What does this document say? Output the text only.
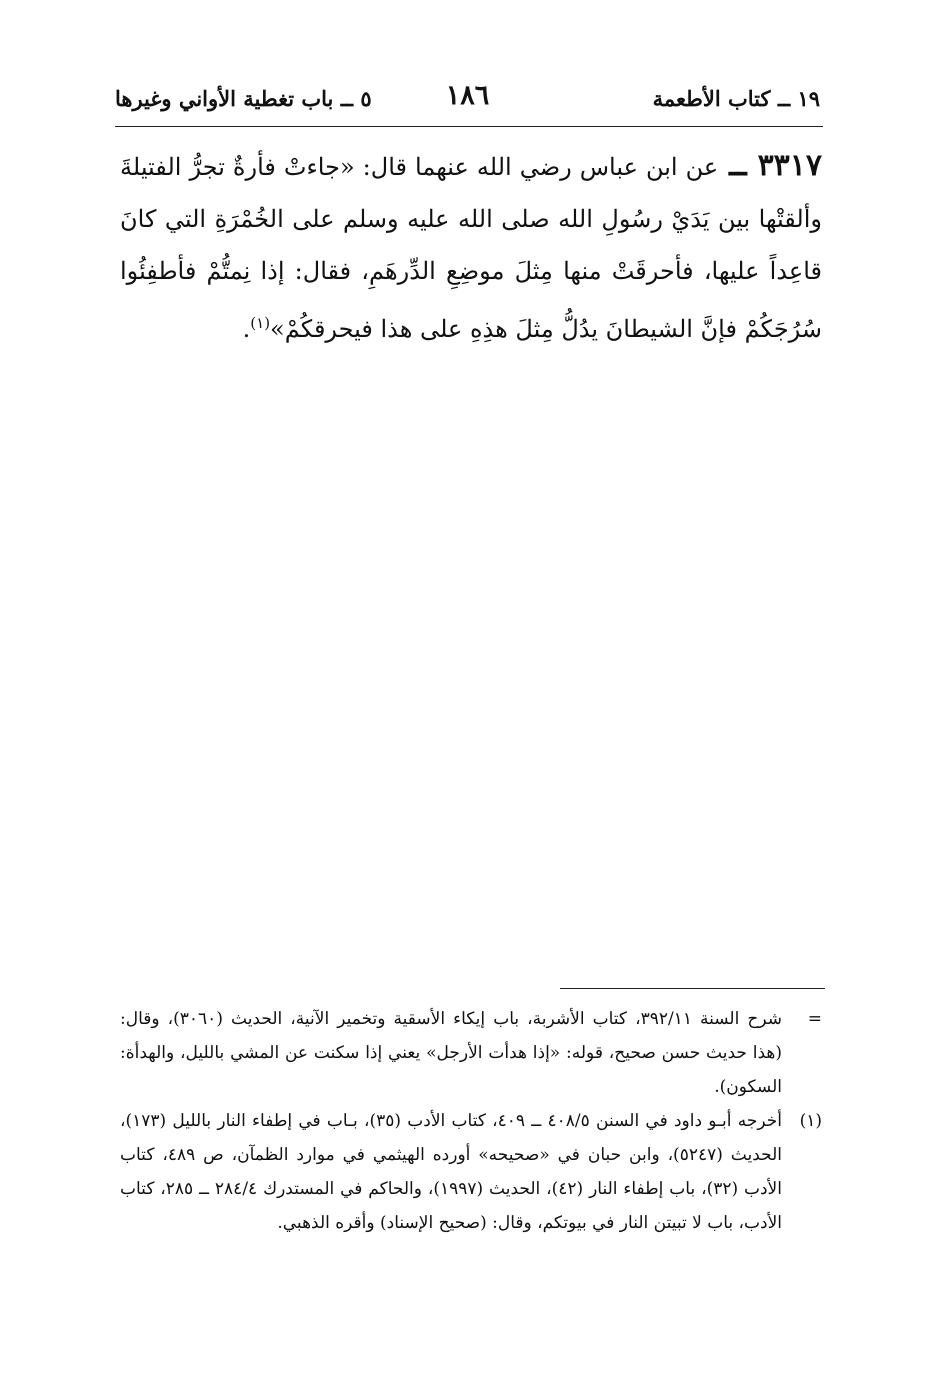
١٩ ــ كتاب الأطعمة
١٨٦
٥ ــ باب تغطية الأواني وغيرها
٣٣١٧ ــ عن ابن عباس رضي الله عنهما قال: «جاءتْ فأرةٌ تجرُّ الفتيلةَ وألقتْها بين يَدَيْ رسُولِ الله صلى الله عليه وسلم على الخُمْرَةِ التي كانَ قاعِداً عليها، فأحرقَتْ منها مِثلَ موضِعِ الدِّرهَمِ، فقال: إذا نِمتُّمْ فأطفِئُوا سُرُجَكُمْ فإنَّ الشيطانَ يدُلُّ مِثلَ هذِهِ على هذا فيحرقكُمْ»$^{(١)}$.

=
شرح السنة ٣٩٢/١١، كتاب الأشربة، باب إيكاء الأسقية وتخمير الآنية، الحديث (٣٠٦٠)، وقال: (هذا حديث حسن صحيح، قوله: «إذا هدأت الأرجل» يعني إذا سكنت عن المشي بالليل، والهدأة: السكون).

(١)
أخرجه أبـو داود في السنن ٤٠٨/٥ ــ ٤٠٩، كتاب الأدب (٣٥)، بـاب في إطفاء النار بالليل (١٧٣)، الحديث (٥٢٤٧)، وابن حبان في «صحيحه» أورده الهيثمي في موارد الظمآن، ص ٤٨٩، كتاب الأدب (٣٢)، باب إطفاء النار (٤٢)، الحديث (١٩٩٧)، والحاكم في المستدرك ٢٨٤/٤ ــ ٢٨٥، كتاب الأدب، باب لا تبيتن النار في بيوتكم، وقال: (صحيح الإسناد) وأقره الذهبي.
